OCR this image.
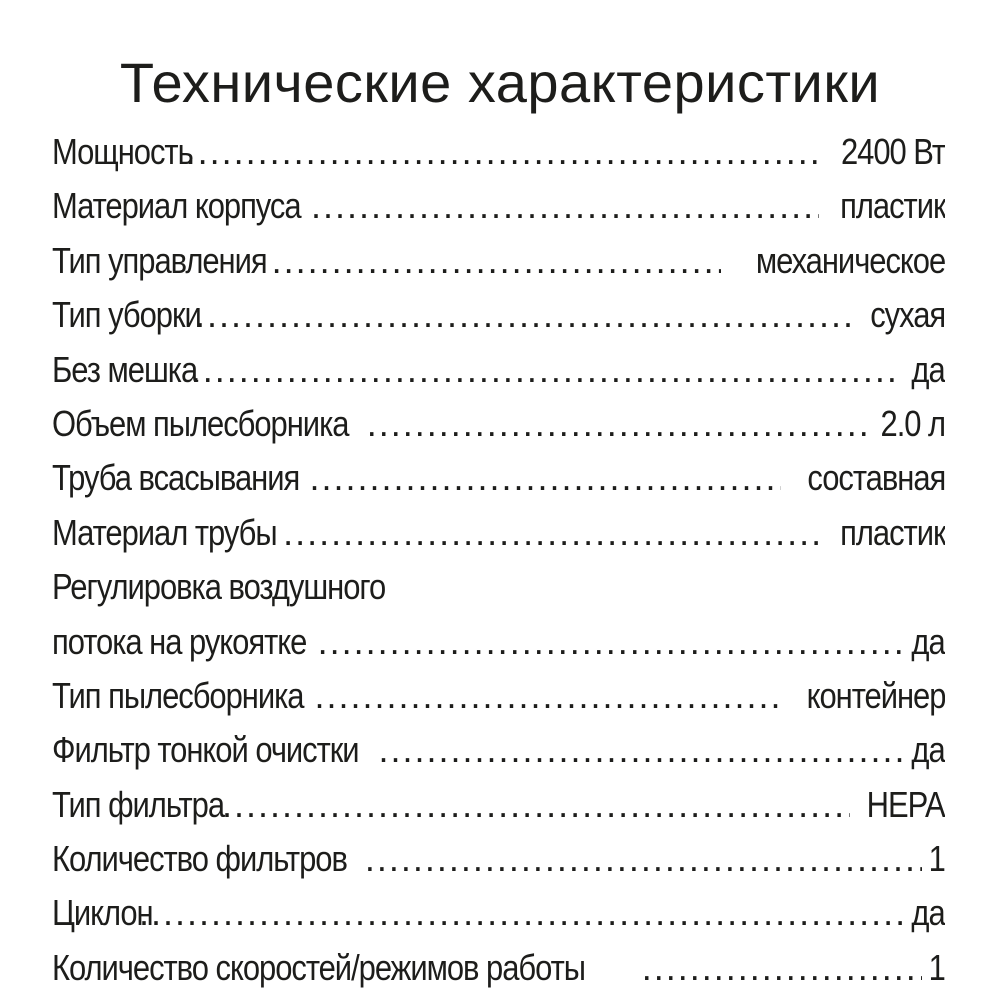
Технические характеристики
Мощность .....	2400 Вт
Материал корпуса .....	пластик
Тип управления .....	механическое
Тип уборки .....	сухая
Без мешка .....	да
Объем пылесборника .....	2.0 л
Труба всасывания .....	составная
Материал трубы .....	пластик
Регулировка воздушного
потока на рукоятке .....	да
Тип пылесборника .....	контейнер
Фильтр тонкой очистки .....	да
Тип фильтра .....	HEPA
Количество фильтров .....	1
Циклон .....	да
Количество скоростей/режимов работы .....	1
